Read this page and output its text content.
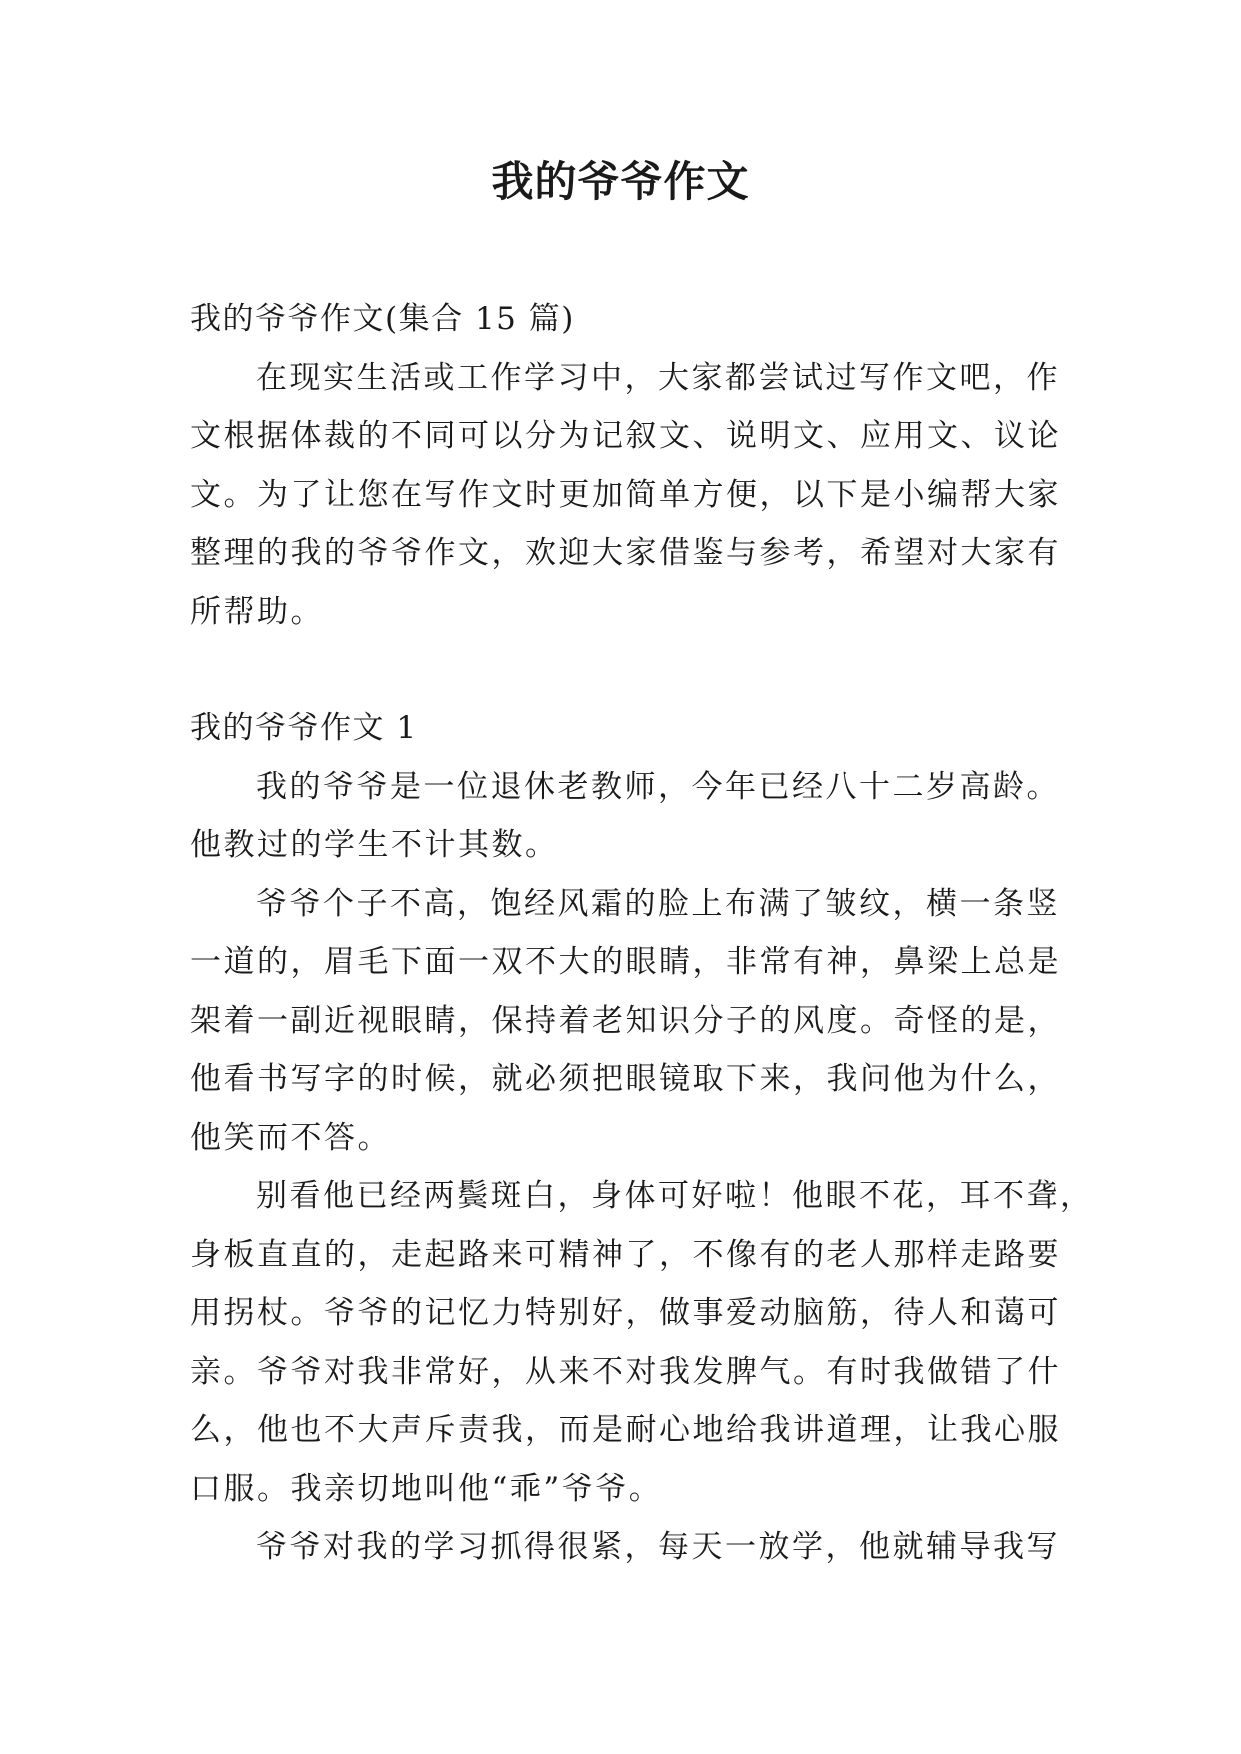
我的爷爷作文

我的爷爷作文(集合 15 篇)

在现实生活或工作学习中，大家都尝试过写作文吧，作

文根据体裁的不同可以分为记叙文、说明文、应用文、议论

文。为了让您在写作文时更加简单方便，以下是小编帮大家

整理的我的爷爷作文，欢迎大家借鉴与参考，希望对大家有

所帮助。

我的爷爷作文 1

我的爷爷是一位退休老教师，今年已经八十二岁高龄。

他教过的学生不计其数。

爷爷个子不高，饱经风霜的脸上布满了皱纹，横一条竖

一道的，眉毛下面一双不大的眼睛，非常有神，鼻梁上总是

架着一副近视眼睛，保持着老知识分子的风度。奇怪的是，

他看书写字的时候，就必须把眼镜取下来，我问他为什么，

他笑而不答。

别看他已经两鬓斑白，身体可好啦！他眼不花，耳不聋，

身板直直的，走起路来可精神了，不像有的老人那样走路要

用拐杖。爷爷的记忆力特别好，做事爱动脑筋，待人和蔼可

亲。爷爷对我非常好，从来不对我发脾气。有时我做错了什

么，他也不大声斥责我，而是耐心地给我讲道理，让我心服

口服。我亲切地叫他“乖”爷爷。

爷爷对我的学习抓得很紧，每天一放学，他就辅导我写
